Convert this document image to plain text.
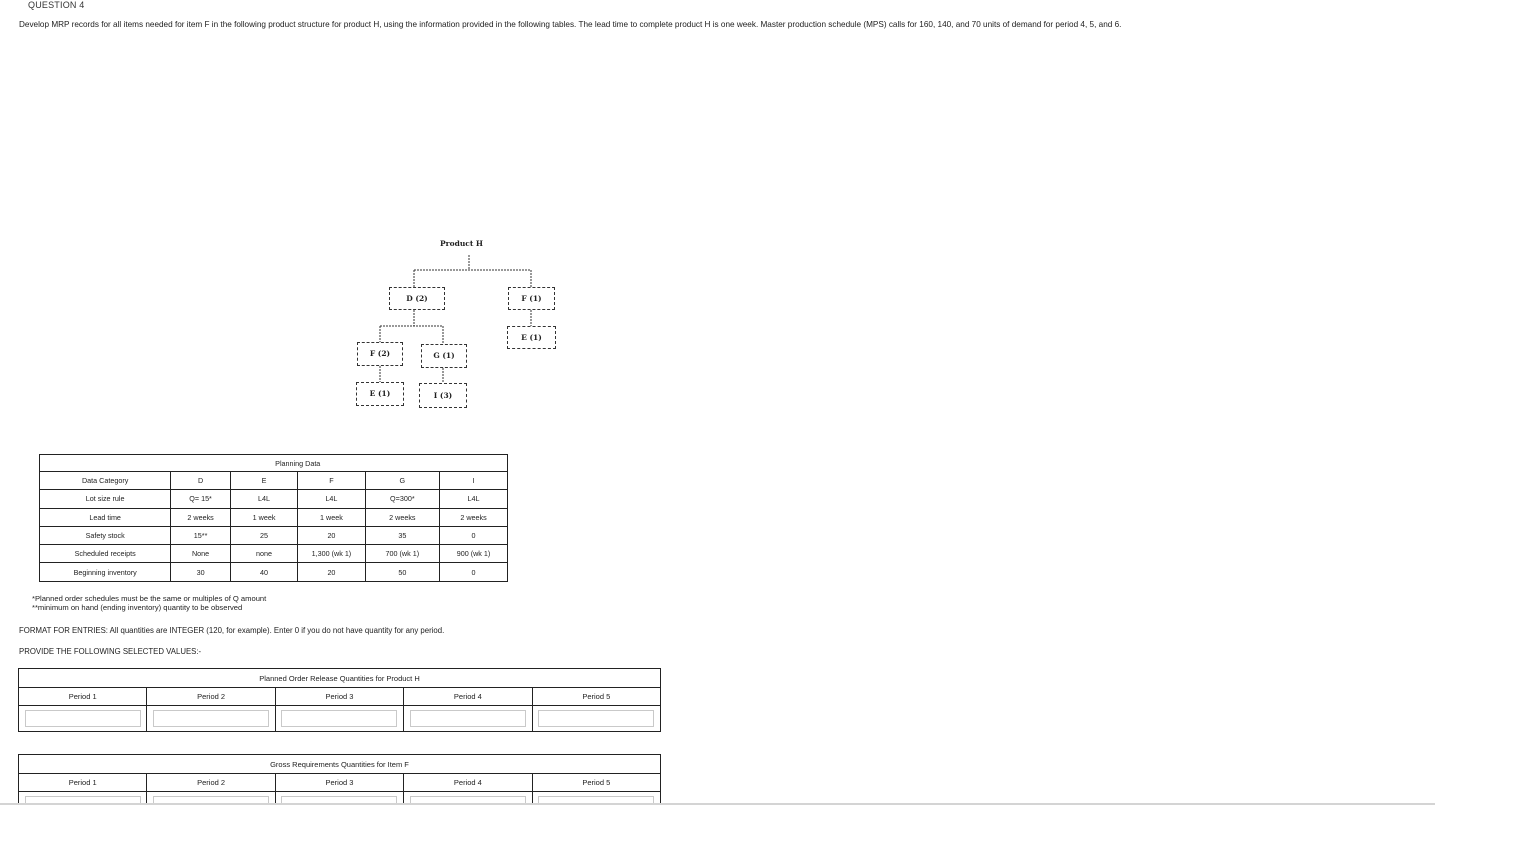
QUESTION 4
Develop MRP records for all items needed for item F in the following product structure for product H, using the information provided in the following tables. The lead time to complete product H is one week. Master production schedule (MPS) calls for 160, 140, and 70 units of demand for period 4, 5, and 6.
Product H
D (2)	F (1)
E (1)
F (2)	G (1)
E (1)	I (3)
		Planning Data			
Data Category	D	E	F	G	I
Lot size rule	Q= 15*	L4L	L4L	Q=300*	L4L
Lead time	2 weeks	1 week	1 week	2 weeks	2 weeks
Safety stock	15**	25	20	35	0
Scheduled receipts	None	none	1,300 (wk 1)	700 (wk 1)	900 (wk 1)
Beginning inventory	30	40	20	50	0
*Planned order schedules must be the same or multiples of Q amount
**minimum on hand (ending inventory) quantity to be observed
FORMAT FOR ENTRIES: All quantities are INTEGER (120, for example). Enter 0 if you do not have quantity for any period.
PROVIDE THE FOLLOWING SELECTED VALUES:-
Planned Order Release Quantities for Product H				
Period 1	Period 2	Period 3	Period 4	Period 5

Gross Requirements Quantities for Item F				
Period 1	Period 2	Period 3	Period 4	Period 5
